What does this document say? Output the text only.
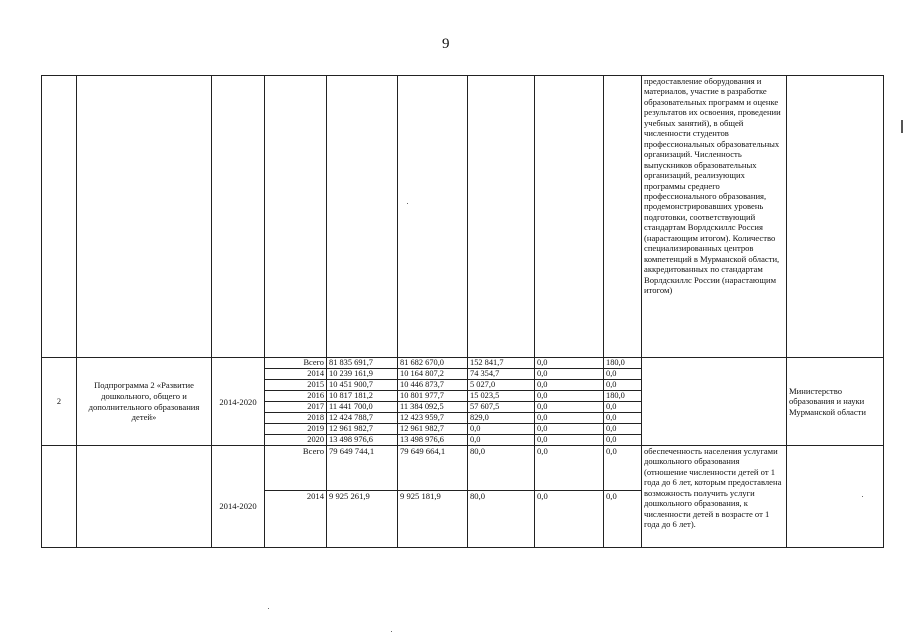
9
									предоставление оборудования и материалов, участие в разработке образовательных программ и оценке результатов их освоения, проведении учебных занятий), в общей численности студентов профессиональных образовательных организаций. Численность выпускников образовательных организаций, реализующих программы среднего профессионального образования, продемонстрировавших уровень подготовки, соответствующий стандартам Ворлдскиллс Россия (нарастающим итогом). Количество специализированных центров компетенций в Мурманской области, аккредитованных по стандартам Ворлдскиллс России (нарастающим итогом)	
2	Подпрограмма 2 «Развитие дошкольного, общего и дополнительного образования детей»	2014-2020	Всего	81 835 691,7	81 682 670,0	152 841,7	0,0	180,0		Министерство образования и науки Мурманской области
			2014	10 239 161,9	10 164 807,2	74 354,7	0,0	0,0		
			2015	10 451 900,7	10 446 873,7	5 027,0	0,0	0,0		
			2016	10 817 181,2	10 801 977,7	15 023,5	0,0	180,0		
			2017	11 441 700,0	11 384 092,5	57 607,5	0,0	0,0		
			2018	12 424 788,7	12 423 959,7	829,0	0,0	0,0		
			2019	12 961 982,7	12 961 982,7	0,0	0,0	0,0		
			2020	13 498 976,6	13 498 976,6	0,0	0,0	0,0		
		2014-2020	Всего	79 649 744,1	79 649 664,1	80,0	0,0	0,0	обеспеченность населения услугами дошкольного образования (отношение численности детей от 1 года до 6 лет, которым предоставлена возможность получить услуги дошкольного образования, к численности детей в возрасте от 1 года до 6 лет).	
			2014	9 925 261,9	9 925 181,9	80,0	0,0	0,0		
